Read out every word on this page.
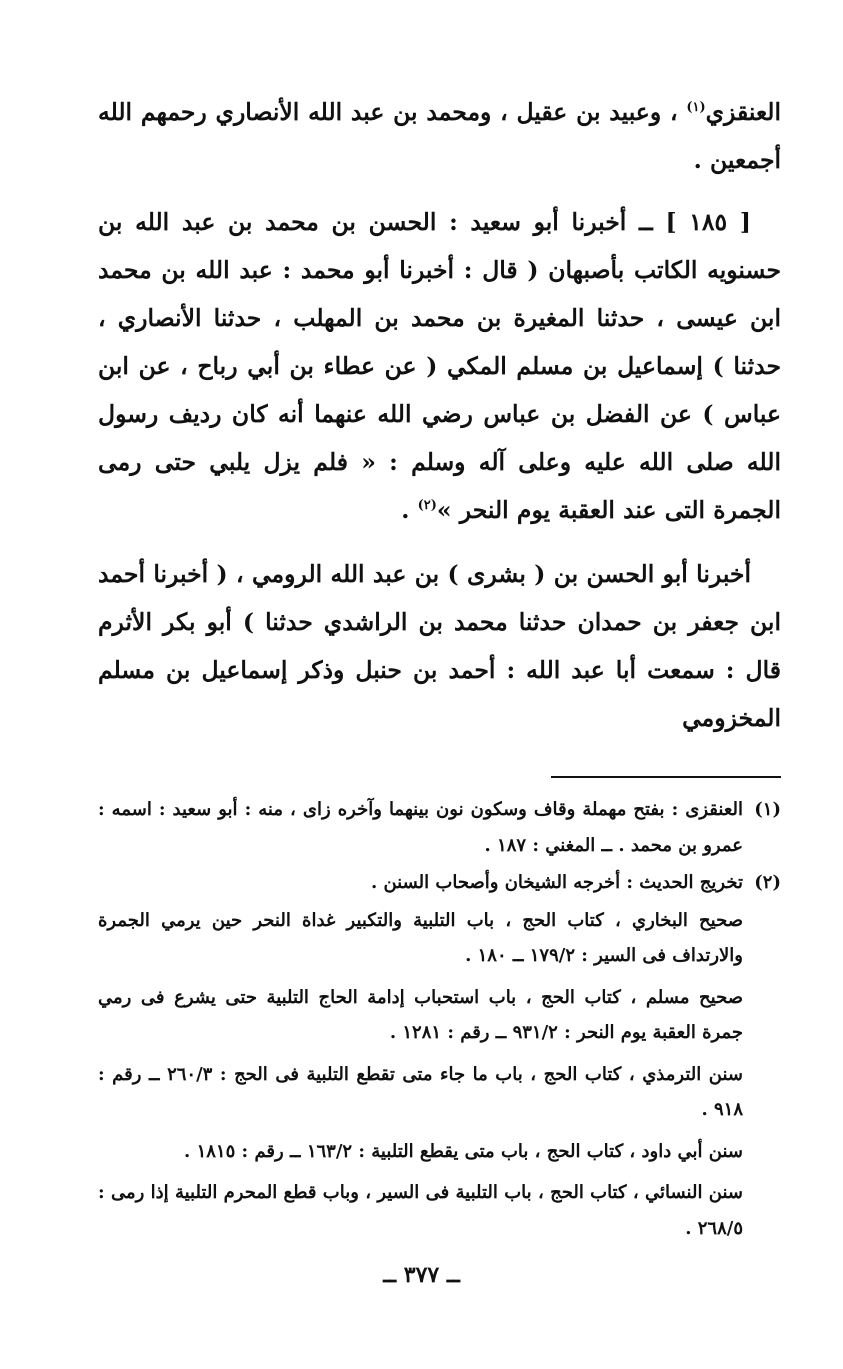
العنقزي$^{(١)}$ ، وعبيد بن عقيل ، ومحمد بن عبد الله الأنصاري رحمهم الله أجمعين .

[ ١٨٥ ] ــ أخبرنا أبو سعيد : الحسن بن محمد بن عبد الله بن حسنويه الكاتب بأصبهان ( قال : أخبرنا أبو محمد : عبد الله بن محمد ابن عيسى ، حدثنا المغيرة بن محمد بن المهلب ، حدثنا الأنصاري ، حدثنا ) إسماعيل بن مسلم المكي ( عن عطاء بن أبي رباح ، عن ابن عباس ) عن الفضل بن عباس رضي الله عنهما أنه كان رديف رسول الله صلى الله عليه وعلى آله وسلم : « فلم يزل يلبي حتى رمى الجمرة التى عند العقبة يوم النحر »$^{(٢)}$ .

أخبرنا أبو الحسن بن ( بشرى ) بن عبد الله الرومي ، ( أخبرنا أحمد ابن جعفر بن حمدان حدثنا محمد بن الراشدي حدثنا ) أبو بكر الأثرم قال : سمعت أبا عبد الله : أحمد بن حنبل وذكر إسماعيل بن مسلم المخزومي

(١)
العنقزى : بفتح مهملة وقاف وسكون نون بينهما وآخره زاى ، منه : أبو سعيد : اسمه : عمرو بن محمد . ــ المغني : ١٨٧ .
(٢)
تخريج الحديث : أخرجه الشيخان وأصحاب السنن .
صحيح البخاري ، كتاب الحج ، باب التلبية والتكبير غداة النحر حين يرمي الجمرة والارتداف فى السير : ١٧٩/٢ ــ ١٨٠ .
صحيح مسلم ، كتاب الحج ، باب استحباب إدامة الحاج التلبية حتى يشرع فى رمي جمرة العقبة يوم النحر : ٩٣١/٢ ــ رقم : ١٢٨١ .
سنن الترمذي ، كتاب الحج ، باب ما جاء متى تقطع التلبية فى الحج : ٢٦٠/٣ ــ رقم : ٩١٨ .
سنن أبي داود ، كتاب الحج ، باب متى يقطع التلبية : ١٦٣/٢ ــ رقم : ١٨١٥ .
سنن النسائي ، كتاب الحج ، باب التلبية فى السير ، وباب قطع المحرم التلبية إذا رمى : ٢٦٨/٥ .
ــ ٣٧٧ ــ
